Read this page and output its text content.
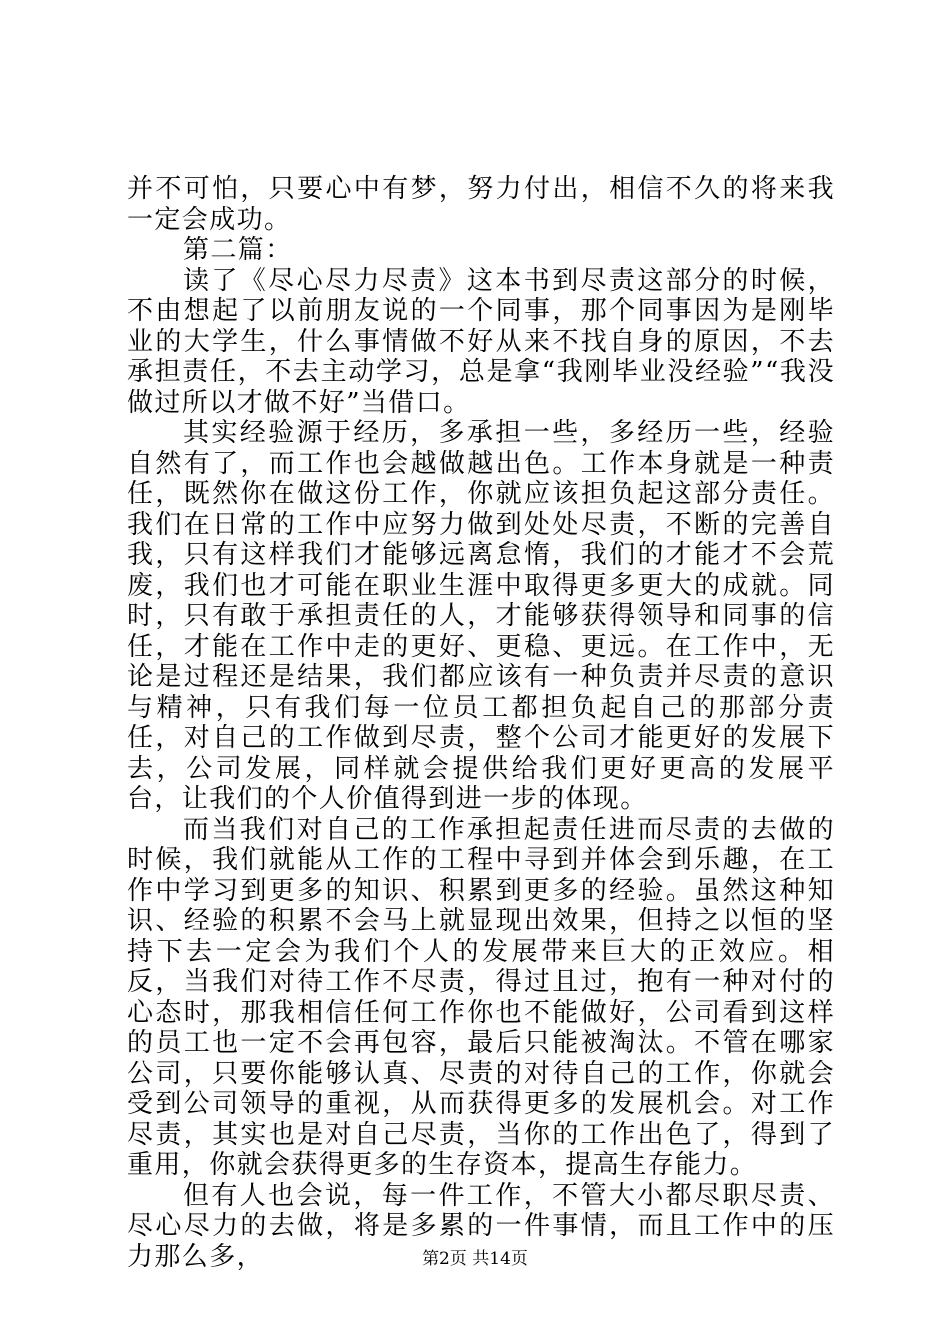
并不可怕，只要心中有梦，努力付出，相信不久的将来我一定会成功。

第二篇：

读了《尽心尽力尽责》这本书到尽责这部分的时候，不由想起了以前朋友说的一个同事，那个同事因为是刚毕业的大学生，什么事情做不好从来不找自身的原因，不去承担责任，不去主动学习，总是拿“我刚毕业没经验”“我没做过所以才做不好”当借口。

其实经验源于经历，多承担一些，多经历一些，经验自然有了，而工作也会越做越出色。工作本身就是一种责任，既然你在做这份工作，你就应该担负起这部分责任。我们在日常的工作中应努力做到处处尽责，不断的完善自我，只有这样我们才能够远离怠惰，我们的才能才不会荒废，我们也才可能在职业生涯中取得更多更大的成就。同时，只有敢于承担责任的人，才能够获得领导和同事的信任，才能在工作中走的更好、更稳、更远。在工作中，无论是过程还是结果，我们都应该有一种负责并尽责的意识与精神，只有我们每一位员工都担负起自己的那部分责任，对自己的工作做到尽责，整个公司才能更好的发展下去，公司发展，同样就会提供给我们更好更高的发展平台，让我们的个人价值得到进一步的体现。

而当我们对自己的工作承担起责任进而尽责的去做的时候，我们就能从工作的工程中寻到并体会到乐趣，在工作中学习到更多的知识、积累到更多的经验。虽然这种知识、经验的积累不会马上就显现出效果，但持之以恒的坚持下去一定会为我们个人的发展带来巨大的正效应。相反，当我们对待工作不尽责，得过且过，抱有一种对付的心态时，那我相信任何工作你也不能做好，公司看到这样的员工也一定不会再包容，最后只能被淘汰。不管在哪家公司，只要你能够认真、尽责的对待自己的工作，你就会受到公司领导的重视，从而获得更多的发展机会。对工作尽责，其实也是对自己尽责，当你的工作出色了，得到了重用，你就会获得更多的生存资本，提高生存能力。

但有人也会说，每一件工作，不管大小都尽职尽责、尽心尽力的去做，将是多累的一件事情，而且工作中的压力那么多，	第2页 共14页
